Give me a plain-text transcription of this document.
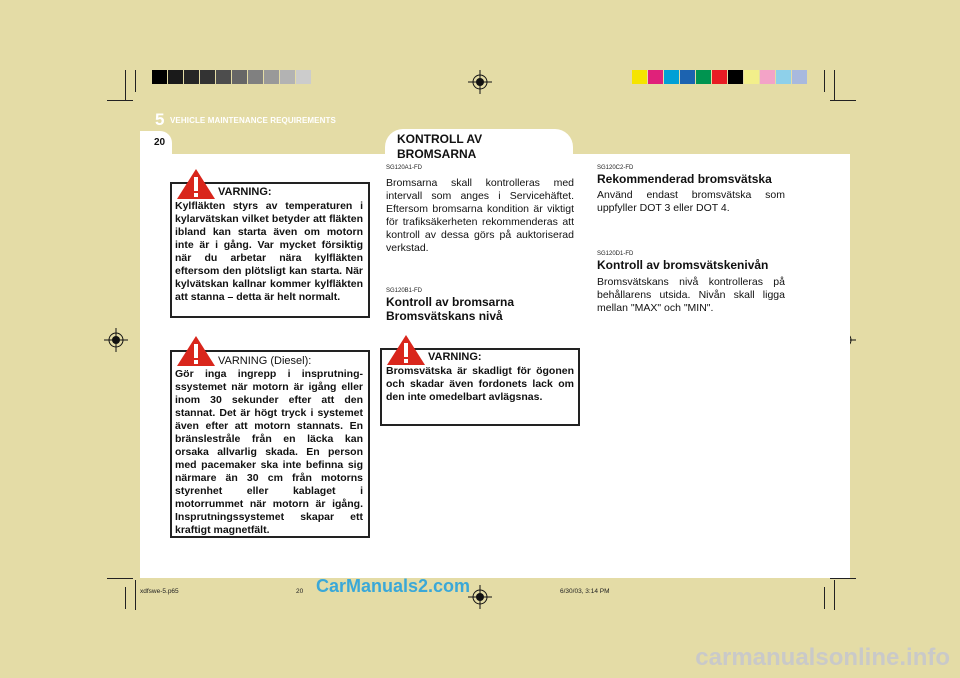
5 VEHICLE MAINTENANCE REQUIREMENTS
20	KONTROLL AV BROMSARNA
VARNING:
Kylfläkten styrs av temperaturen i kylarvätskan vilket betyder att fläkten ibland kan starta även om motorn inte är i gång. Var mycket försiktig när du arbetar nära kylfläkten eftersom den plötsligt kan starta. När kylvätskan kallnar kommer kylfläkten att stanna – detta är helt normalt.
VARNING (Diesel):
Gör inga ingrepp i insprutning-ssystemet när motorn är igång eller inom 30 sekunder efter att den stannat. Det är högt tryck i systemet även efter att motorn stannats. En bränslestråle från en läcka kan orsaka allvarlig skada. En person med pacemaker ska inte befinna sig närmare än 30 cm från motorns styrenhet eller kablaget i motorrummet när motorn är igång. Insprutningssystemet skapar ett kraftigt magnetfält.
VARNING:
Bromsvätska är skadligt för ögonen och skadar även fordonets lack om den inte omedelbart avlägsnas.
SG120A1-FD
Bromsarna skall kontrolleras med intervall som anges i Servicehäftet. Eftersom bromsarna kondition är viktigt för trafiksäkerheten rekommenderas att kontroll av dessa görs på auktoriserad verkstad.
SG120B1-FD
Kontroll av bromsarna Bromsvätskans nivå
SG120C2-FD
Rekommenderad bromsvätska
Använd endast bromsvätska som uppfyller DOT 3 eller DOT 4.
SG120D1-FD
Kontroll av bromsvätskenivån
Bromsvätskans nivå kontrolleras på behållarens utsida. Nivån skall ligga mellan "MAX" och "MIN".
xdfswe-5.p65	20	6/30/03, 3:14 PM
CarManuals2.com
carmanualsonline.info
